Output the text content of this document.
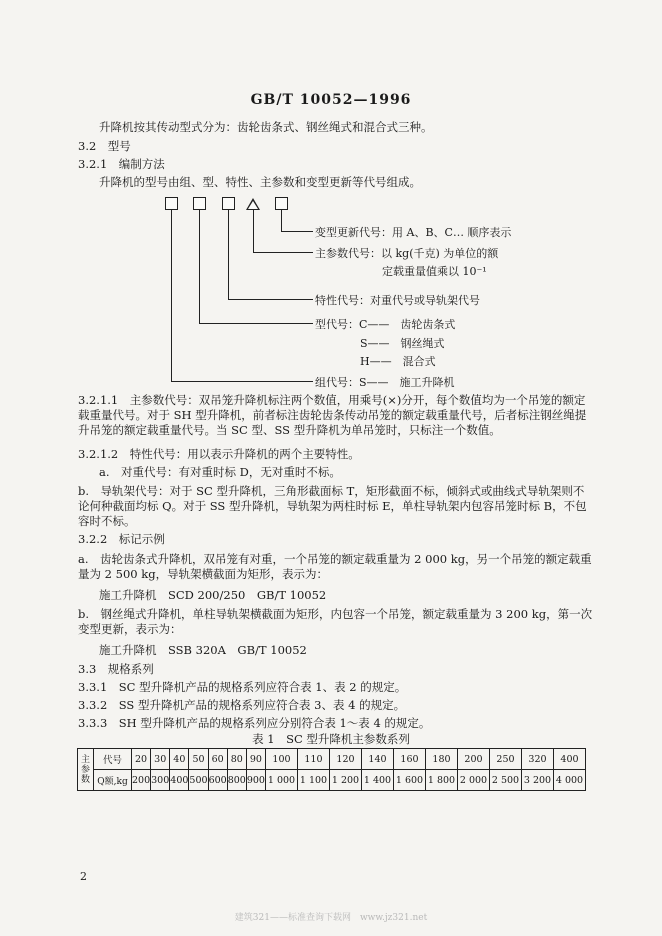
GB/T 10052—1996
升降机按其传动型式分为：齿轮齿条式、钢丝绳式和混合式三种。
3.2　型号
3.2.1　编制方法
升降机的型号由组、型、特性、主参数和变型更新等代号组成。
变型更新代号：用 A、B、C… 顺序表示
主参数代号：以 kg(千克) 为单位的额
定载重量值乘以 10⁻¹
特性代号：对重代号或导轨架代号
型代号：C——　齿轮齿条式
S——　钢丝绳式
H——　混合式
组代号：S——　施工升降机
3.2.1.1　主参数代号：双吊笼升降机标注两个数值，用乘号(×)分开，每个数值均为一个吊笼的额定载重量代号。对于 SH 型升降机，前者标注齿轮齿条传动吊笼的额定载重量代号，后者标注钢丝绳提升吊笼的额定载重量代号。当 SC 型、SS 型升降机为单吊笼时，只标注一个数值。
3.2.1.2　特性代号：用以表示升降机的两个主要特性。
a.　对重代号：有对重时标 D，无对重时不标。
b.　导轨架代号：对于 SC 型升降机，三角形截面标 T，矩形截面不标，倾斜式或曲线式导轨架则不论何种截面均标 Q。对于 SS 型升降机，导轨架为两柱时标 E，单柱导轨架内包容吊笼时标 B，不包容时不标。
3.2.2　标记示例
a.　齿轮齿条式升降机，双吊笼有对重，一个吊笼的额定载重量为 2 000 kg，另一个吊笼的额定载重量为 2 500 kg，导轨架横截面为矩形，表示为：
施工升降机　SCD 200/250　GB/T 10052
b.　钢丝绳式升降机，单柱导轨架横截面为矩形，内包容一个吊笼，额定载重量为 3 200 kg，第一次变型更新，表示为：
施工升降机　SSB 320A　GB/T 10052
3.3　规格系列
3.3.1　SC 型升降机产品的规格系列应符合表 1、表 2 的规定。
3.3.2　SS 型升降机产品的规格系列应符合表 3、表 4 的规定。
3.3.3　SH 型升降机产品的规格系列应分别符合表 1～表 4 的规定。
表 1　SC 型升降机主参数系列
主参数	代号	20	30	40	50	60	80	90	100	110	120	140	160	180	200	250	320	400
	Q额,kg	200	300	400	500	600	800	900	1 000	1 100	1 200	1 400	1 600	1 800	2 000	2 500	3 200	4 000
2
建筑321——标准查询下载网　www.jz321.net
